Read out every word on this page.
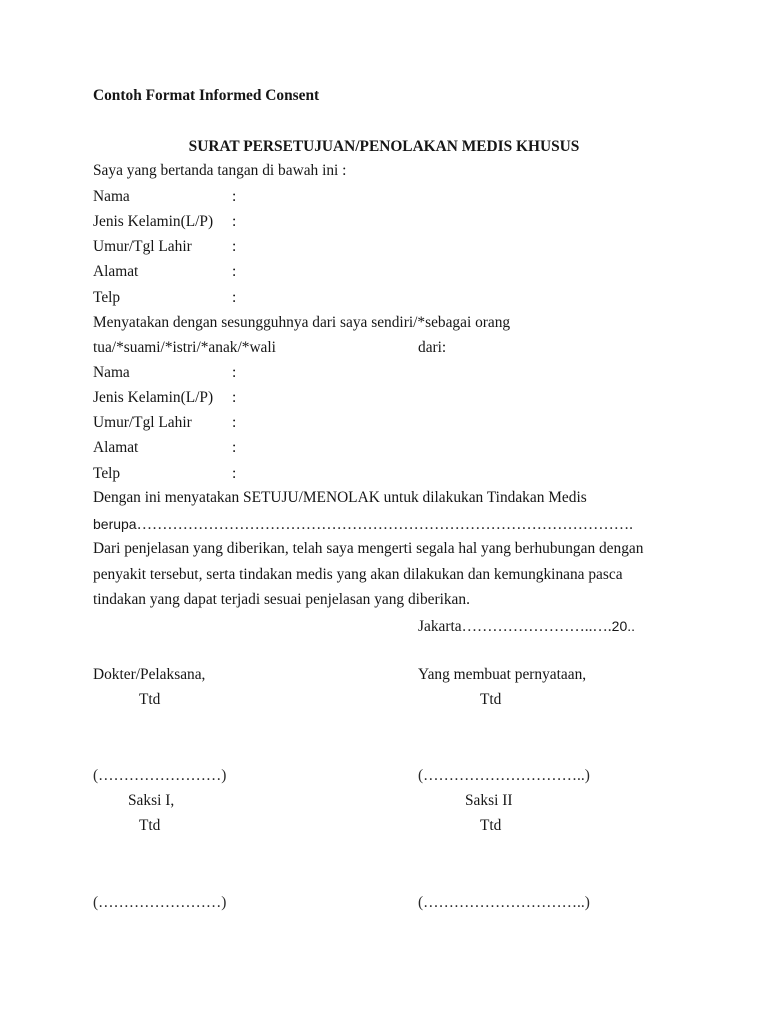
Contoh Format Informed Consent
SURAT PERSETUJUAN/PENOLAKAN MEDIS KHUSUS
Saya yang bertanda tangan di bawah ini :
Nama	:
Jenis Kelamin(L/P) :
Umur/Tgl Lahir	:
Alamat	:
Telp	:
Menyatakan dengan sesungguhnya dari saya sendiri/*sebagai orang
tua/*suami/*istri/*anak/*wali	dari:
Nama	:
Jenis Kelamin(L/P) :
Umur/Tgl Lahir	:
Alamat	:
Telp	:
Dengan ini menyatakan SETUJU/MENOLAK untuk dilakukan Tindakan Medis
berupa…………………………………………………………………………………….
Dari penjelasan yang diberikan, telah saya mengerti segala hal yang berhubungan dengan
penyakit tersebut, serta tindakan medis yang akan dilakukan dan kemungkinana pasca
tindakan yang dapat terjadi sesuai penjelasan yang diberikan.
Jakarta……………………..….20..
Dokter/Pelaksana,	Yang membuat pernyataan,
Ttd	Ttd
(……………………)	(…………………………..)
Saksi I,	Saksi II
Ttd	Ttd
(……………………)	(…………………………..)
